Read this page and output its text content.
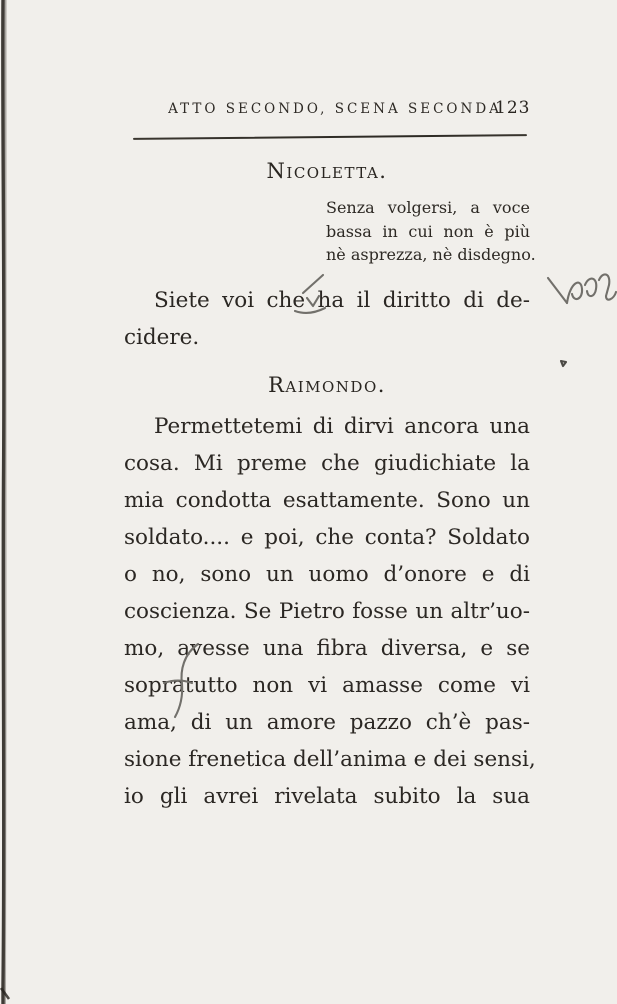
ATTO SECONDO, SCENA SECONDA
123
Nicoletta.
Senza volgersi, a voce
bassa in cui non è più
nè asprezza, nè disdegno.
Siete voi che ha il diritto di de-
cidere.
Raimondo.
Permettetemi di dirvi ancora una
cosa. Mi preme che giudichiate la
mia condotta esattamente. Sono un
soldato.... e poi, che conta? Soldato
o no, sono un uomo d’onore e di
coscienza. Se Pietro fosse un altr’uo-
mo, avesse una fibra diversa, e se
sopratutto non vi amasse come vi
ama, di un amore pazzo ch’è pas-
sione frenetica dell’anima e dei sensi,
io gli avrei rivelata subito la sua
